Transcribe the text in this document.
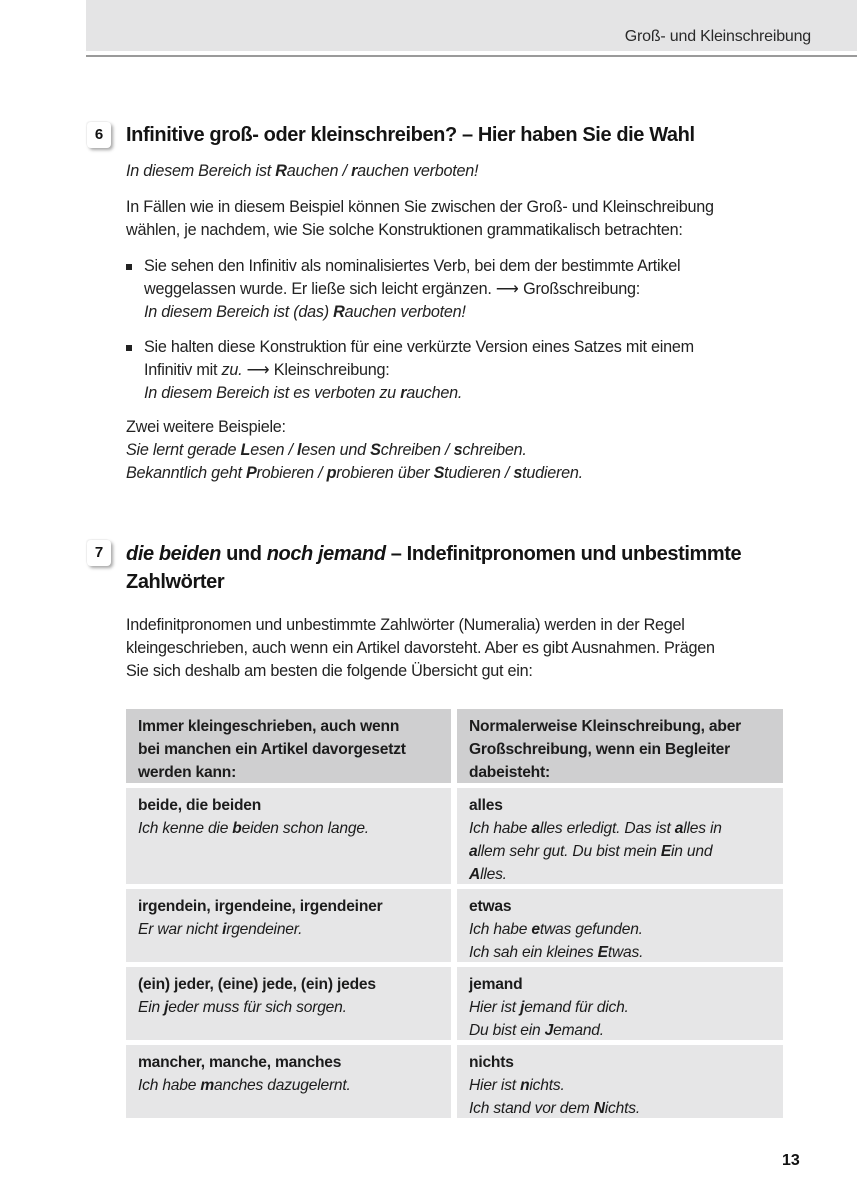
Groß- und Kleinschreibung
6	Infinitive groß- oder kleinschreiben? – Hier haben Sie die Wahl
In diesem Bereich ist Rauchen / rauchen verboten!
In Fällen wie in diesem Beispiel können Sie zwischen der Groß- und Kleinschreibung
wählen, je nachdem, wie Sie solche Konstruktionen grammatikalisch betrachten:
Sie sehen den Infinitiv als nominalisiertes Verb, bei dem der bestimmte Artikel
weggelassen wurde. Er ließe sich leicht ergänzen. ⟶ Großschreibung:
In diesem Bereich ist (das) Rauchen verboten!
Sie halten diese Konstruktion für eine verkürzte Version eines Satzes mit einem
Infinitiv mit zu. ⟶ Kleinschreibung:
In diesem Bereich ist es verboten zu rauchen.
Zwei weitere Beispiele:
Sie lernt gerade Lesen / lesen und Schreiben / schreiben.
Bekanntlich geht Probieren / probieren über Studieren / studieren.
7	die beiden und noch jemand – Indefinitpronomen und unbestimmte
Zahlwörter
Indefinitpronomen und unbestimmte Zahlwörter (Numeralia) werden in der Regel
kleingeschrieben, auch wenn ein Artikel davorsteht. Aber es gibt Ausnahmen. Prägen
Sie sich deshalb am besten die folgende Übersicht gut ein:
Immer kleingeschrieben, auch wenn
bei manchen ein Artikel davorgesetzt
werden kann:
Normalerweise Kleinschreibung, aber
Großschreibung, wenn ein Begleiter
dabeisteht:
beide, die beiden
Ich kenne die beiden schon lange.
alles
Ich habe alles erledigt. Das ist alles in
allem sehr gut. Du bist mein Ein und
Alles.
irgendein, irgendeine, irgendeiner
Er war nicht irgendeiner.
etwas
Ich habe etwas gefunden.
Ich sah ein kleines Etwas.
(ein) jeder, (eine) jede, (ein) jedes
Ein jeder muss für sich sorgen.
jemand
Hier ist jemand für dich.
Du bist ein Jemand.
mancher, manche, manches
Ich habe manches dazugelernt.
nichts
Hier ist nichts.
Ich stand vor dem Nichts.
13
